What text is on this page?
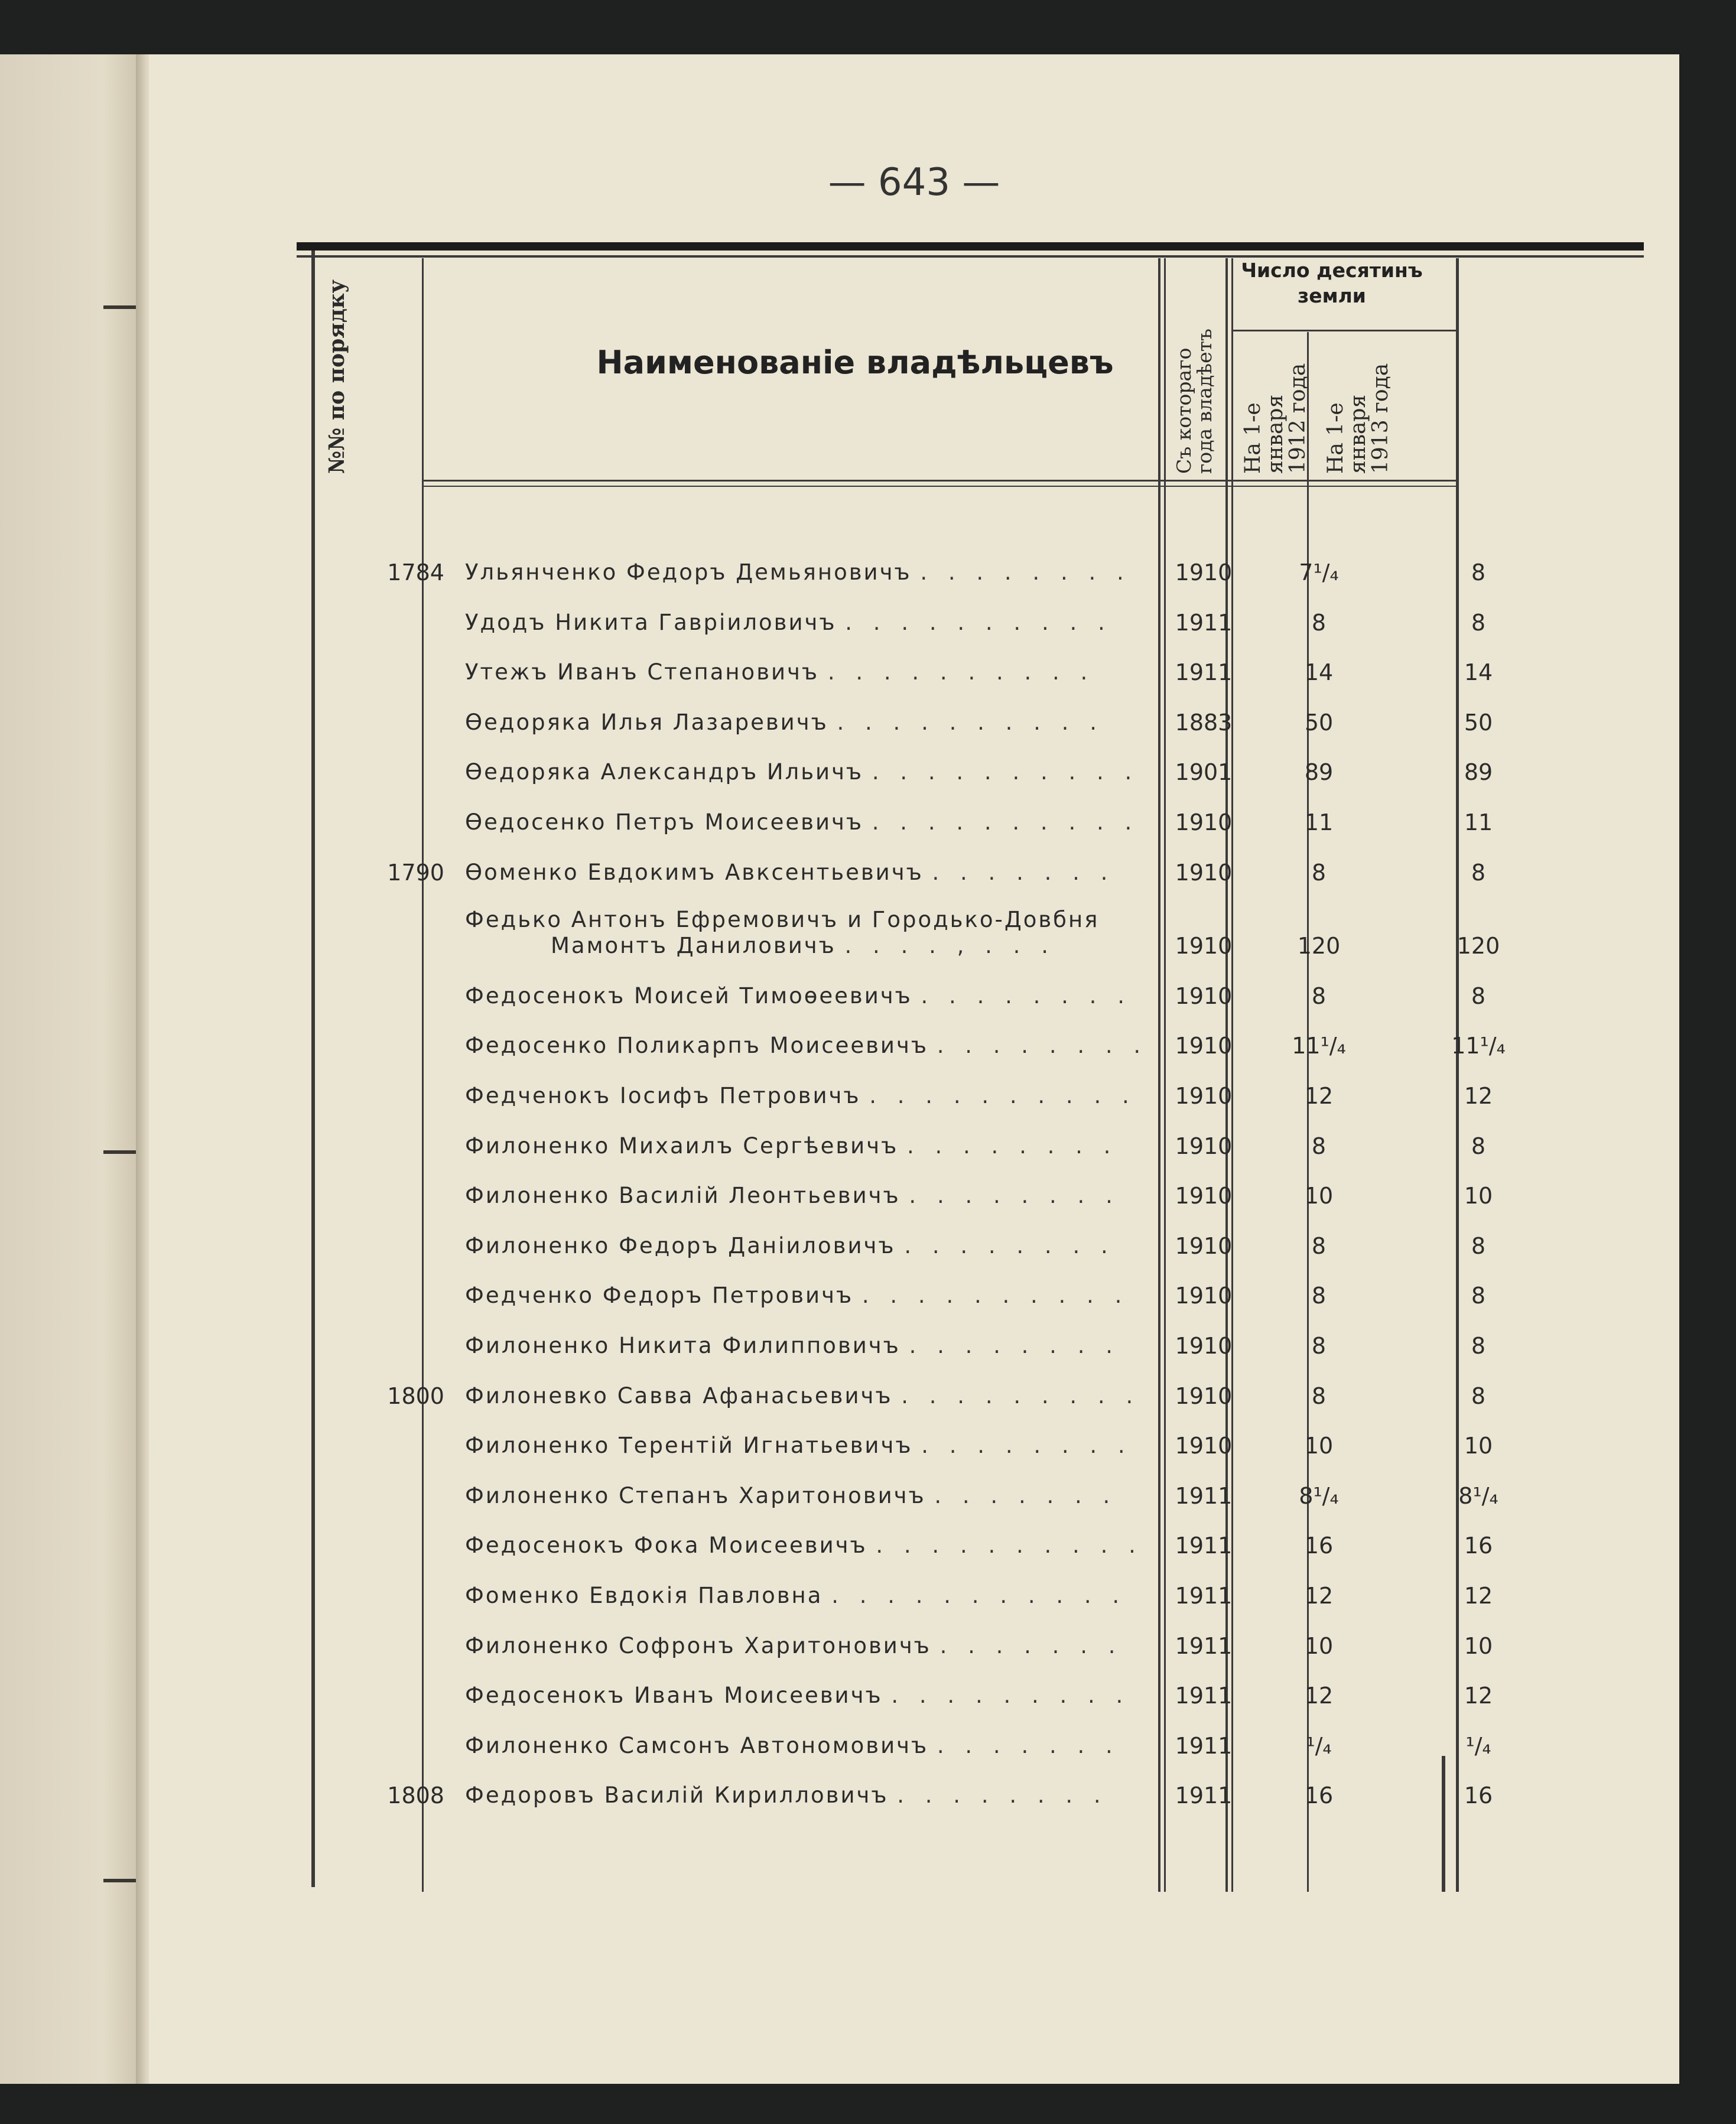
— 643 —
№№ по порядку	Наименованіе владѣльцевъ	Съ котораго года владѣетъ
Число десятинъ земли
На 1-е января 1912 года На 1-е января 1913 года
1784 Ульянченко Федоръ Демьяновичъ . . . . . . . .	1910	7¹/₄	8
Удодъ Никита Гавріиловичъ . . . . . . . . . .	1911	8	8
Утежъ Иванъ Степановичъ . . . . . . . . . .	1911	14	14
Ѳедоряка Илья Лазаревичъ . . . . . . . . . .	1883	50	50
Ѳедоряка Александръ Ильичъ . . . . . . . . . .	1901	89	89
Ѳедосенко Петръ Моисеевичъ . . . . . . . . . .	1910	11	11
1790 Ѳоменко Евдокимъ Авксентьевичъ . . . . . . .	1910	8	8
Федько Антонъ Ефремовичъ и Городько-Довбня
Мамонтъ Даниловичъ . . . . , . . .	1910	120	120
Федосенокъ Моисей Тимоѳеевичъ . . . . . . . .	1910	8	8
Федосенко Поликарпъ Моисеевичъ . . . . . . . .	1910	11¹/₄	11¹/₄
Федченокъ Іосифъ Петровичъ . . . . . . . . . .	1910	12	12
Филоненко Михаилъ Сергѣевичъ . . . . . . . .	1910	8	8
Филоненко Василій Леонтьевичъ . . . . . . . .	1910	10	10
Филоненко Федоръ Даніиловичъ . . . . . . . .	1910	8	8
Федченко Федоръ Петровичъ . . . . . . . . . .	1910	8	8
Филоненко Никита Филипповичъ . . . . . . . .	1910	8	8
1800 Филоневко Савва Афанасьевичъ . . . . . . . . .	1910	8	8
Филоненко Терентій Игнатьевичъ . . . . . . . .	1910	10	10
Филоненко Степанъ Харитоновичъ . . . . . . .	1911	8¹/₄	8¹/₄
Федосенокъ Фока Моисеевичъ . . . . . . . . . .	1911	16	16
Фоменко Евдокія Павловна . . . . . . . . . . .	1911	12	12
Филоненко Софронъ Харитоновичъ . . . . . . .	1911	10	10
Федосенокъ Иванъ Моисеевичъ . . . . . . . . .	1911	12	12
Филоненко Самсонъ Автономовичъ . . . . . . .	1911	¹/₄	¹/₄
1808 Федоровъ Василій Кирилловичъ . . . . . . . .	1911	16	16
